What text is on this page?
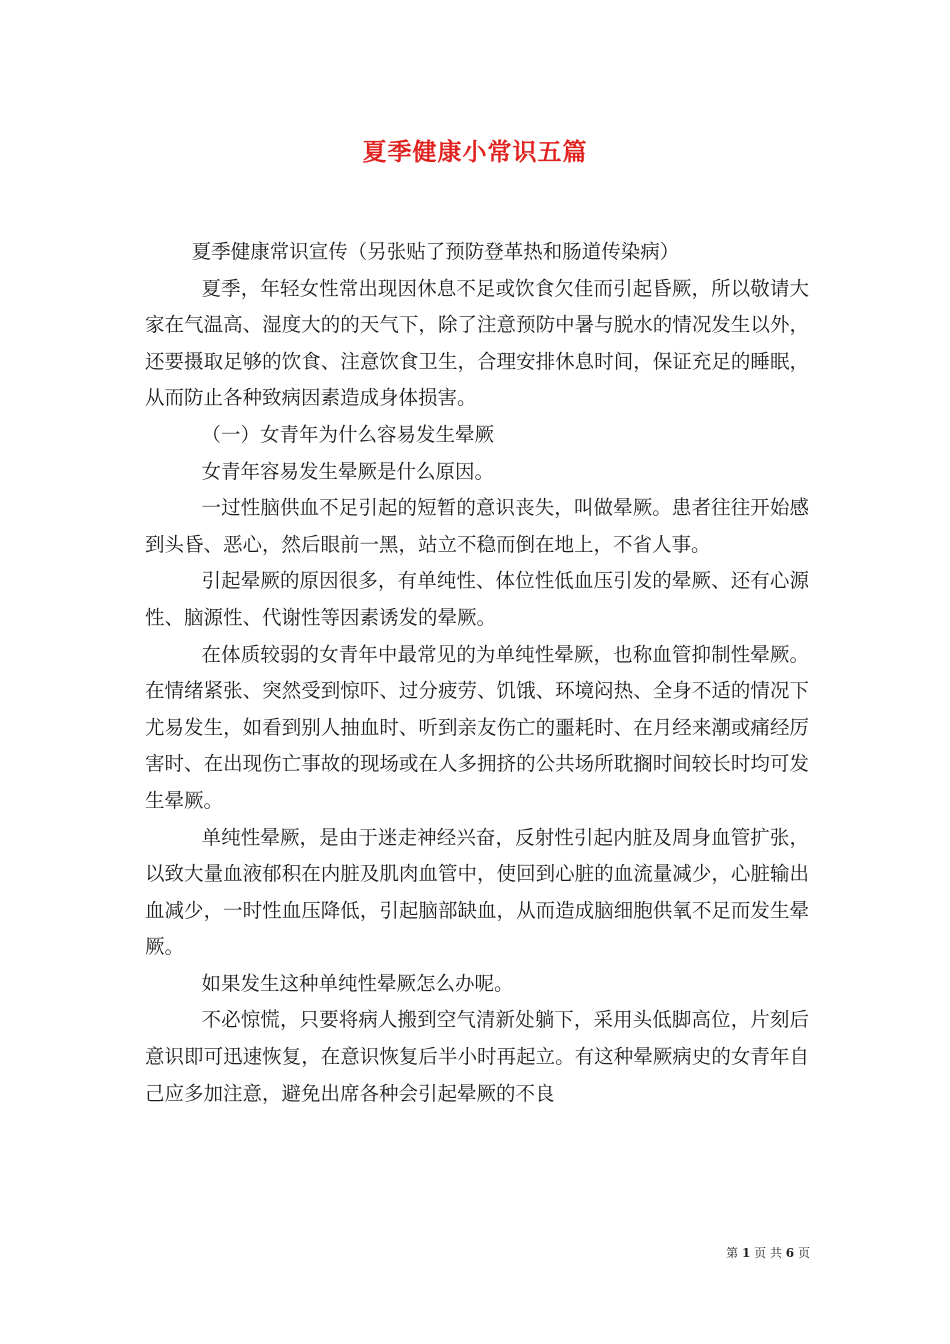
夏季健康小常识五篇

夏季健康常识宣传（另张贴了预防登革热和肠道传染病）

夏季，年轻女性常出现因休息不足或饮食欠佳而引起昏厥，所以敬请大家在气温高、湿度大的的天气下，除了注意预防中暑与脱水的情况发生以外，还要摄取足够的饮食、注意饮食卫生，合理安排休息时间，保证充足的睡眠，从而防止各种致病因素造成身体损害。

（一）女青年为什么容易发生晕厥

女青年容易发生晕厥是什么原因。

一过性脑供血不足引起的短暂的意识丧失，叫做晕厥。患者往往开始感到头昏、恶心，然后眼前一黑，站立不稳而倒在地上，不省人事。

引起晕厥的原因很多，有单纯性、体位性低血压引发的晕厥、还有心源性、脑源性、代谢性等因素诱发的晕厥。

在体质较弱的女青年中最常见的为单纯性晕厥，也称血管抑制性晕厥。在情绪紧张、突然受到惊吓、过分疲劳、饥饿、环境闷热、全身不适的情况下尤易发生，如看到别人抽血时、听到亲友伤亡的噩耗时、在月经来潮或痛经厉害时、在出现伤亡事故的现场或在人多拥挤的公共场所耽搁时间较长时均可发生晕厥。

单纯性晕厥，是由于迷走神经兴奋，反射性引起内脏及周身血管扩张，以致大量血液郁积在内脏及肌肉血管中，使回到心脏的血流量减少，心脏输出血减少，一时性血压降低，引起脑部缺血，从而造成脑细胞供氧不足而发生晕厥。

如果发生这种单纯性晕厥怎么办呢。

不必惊慌，只要将病人搬到空气清新处躺下，采用头低脚高位，片刻后意识即可迅速恢复，在意识恢复后半小时再起立。有这种晕厥病史的女青年自己应多加注意，避免出席各种会引起晕厥的不良

第 1 页 共 6 页
